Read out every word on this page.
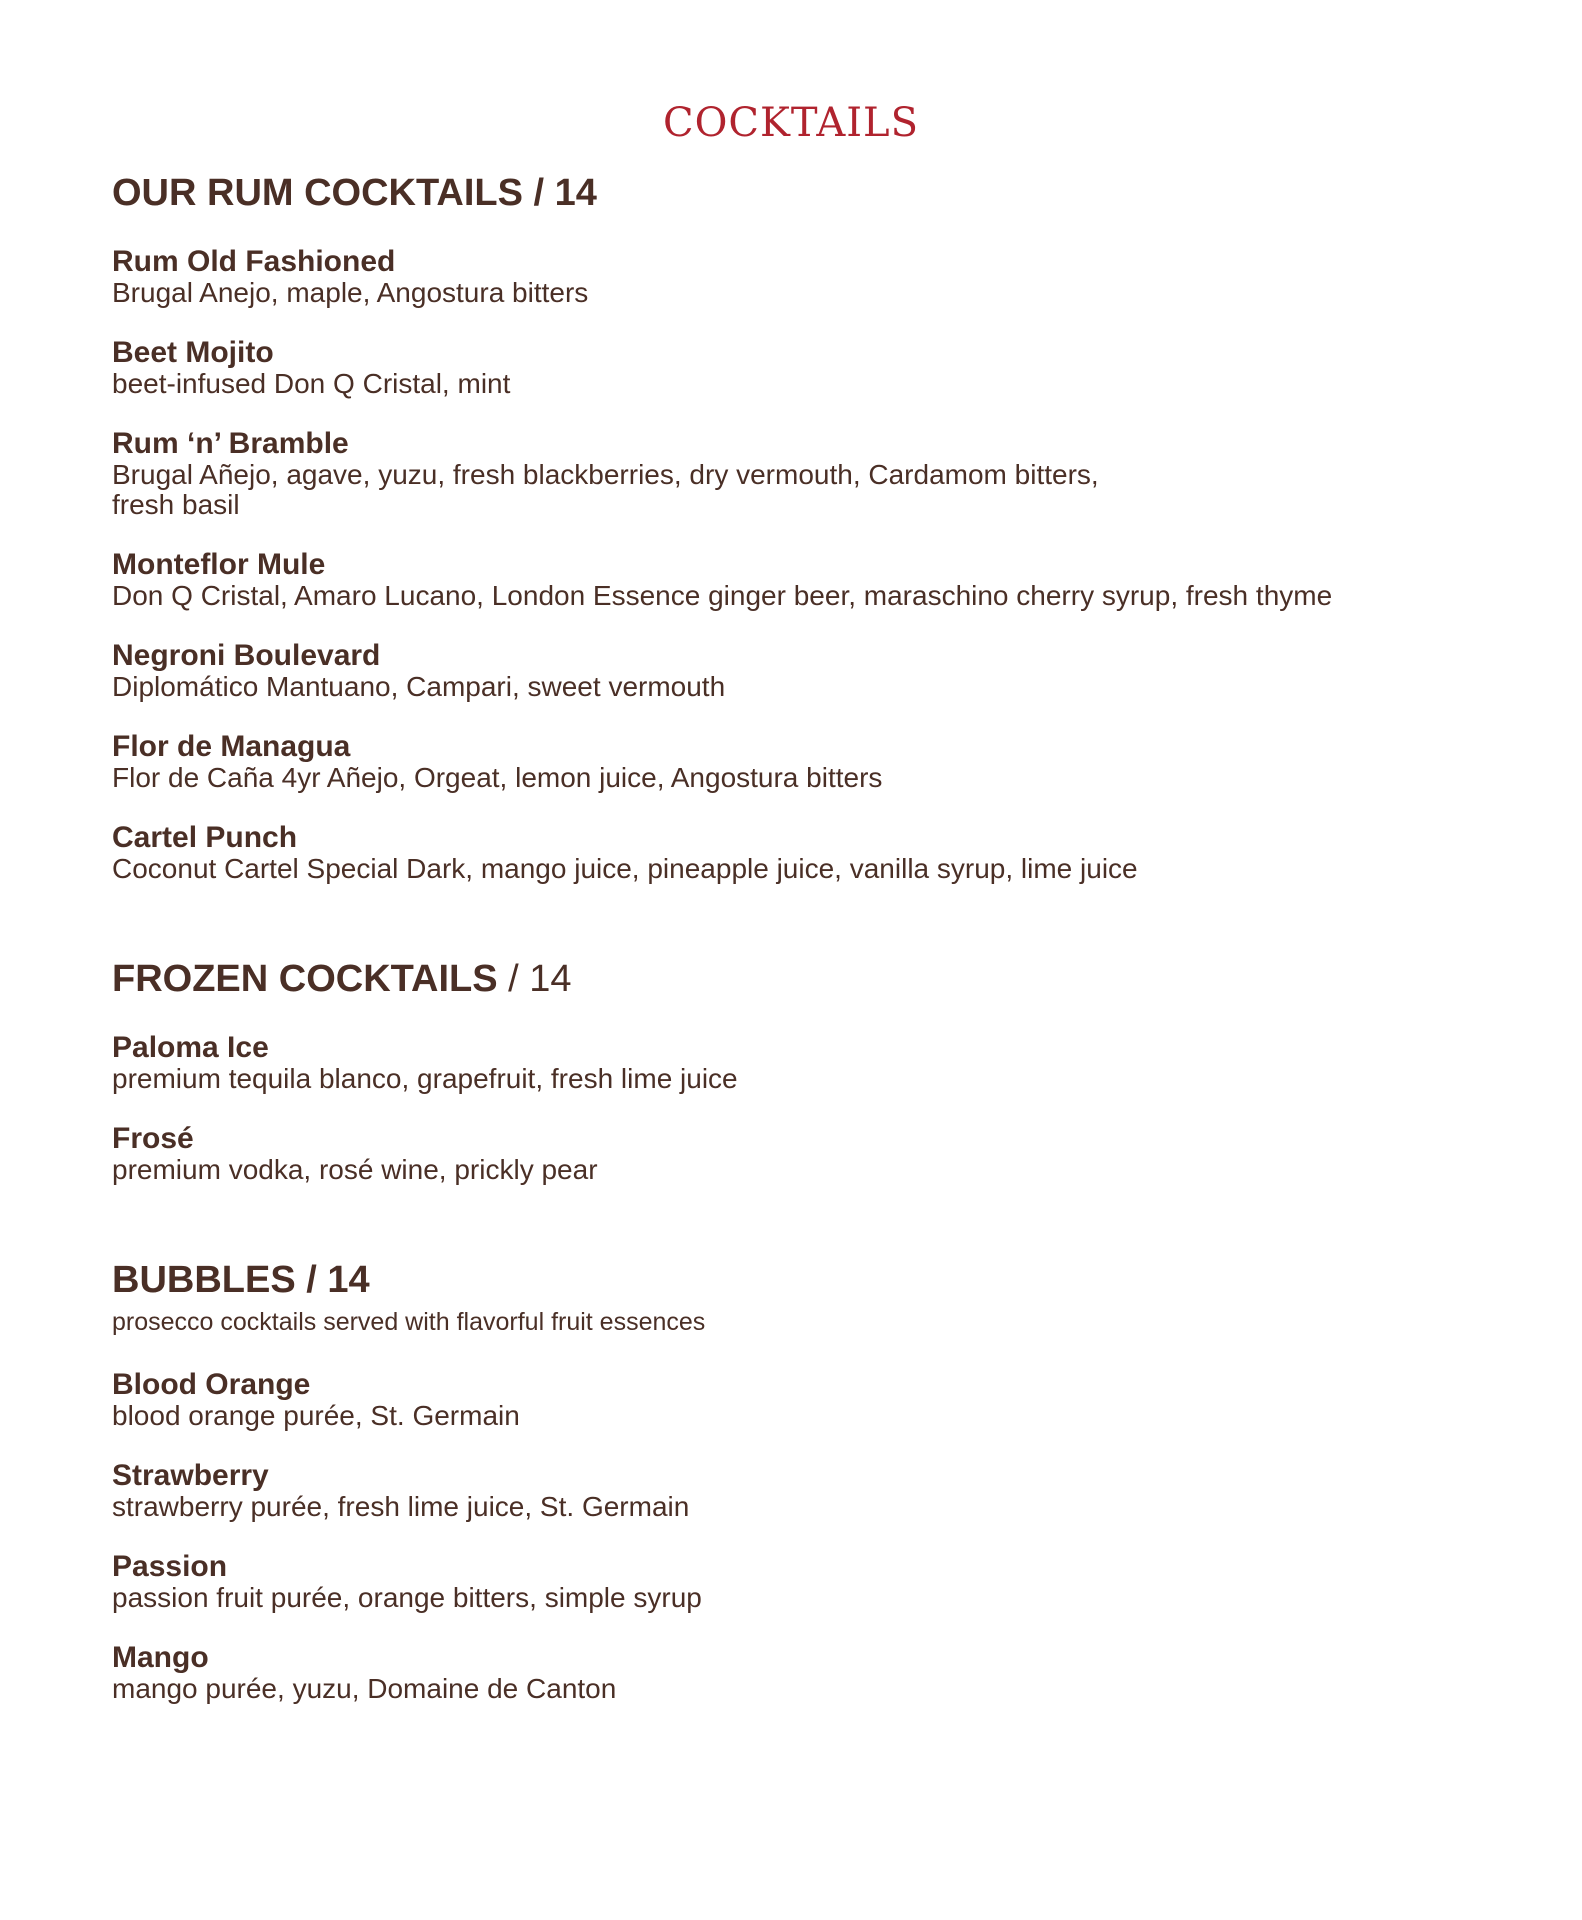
COCKTAILS
OUR RUM COCKTAILS / 14
Rum Old Fashioned
Brugal Anejo, maple, Angostura bitters
Beet Mojito
beet-infused Don Q Cristal, mint
Rum ‘n’ Bramble
Brugal Añejo, agave, yuzu, fresh blackberries, dry vermouth, Cardamom bitters, fresh basil
Monteflor Mule
Don Q Cristal, Amaro Lucano, London Essence ginger beer, maraschino cherry syrup, fresh thyme
Negroni Boulevard
Diplomático Mantuano, Campari, sweet vermouth
Flor de Managua
Flor de Caña 4yr Añejo, Orgeat, lemon juice, Angostura bitters
Cartel Punch
Coconut Cartel Special Dark, mango juice, pineapple juice, vanilla syrup, lime juice
FROZEN COCKTAILS / 14
Paloma Ice
premium tequila blanco, grapefruit, fresh lime juice
Frosé
premium vodka, rosé wine, prickly pear
BUBBLES / 14
prosecco cocktails served with flavorful fruit essences
Blood Orange
blood orange purée, St. Germain
Strawberry
strawberry purée, fresh lime juice, St. Germain
Passion
passion fruit purée, orange bitters, simple syrup
Mango
mango purée, yuzu, Domaine de Canton
